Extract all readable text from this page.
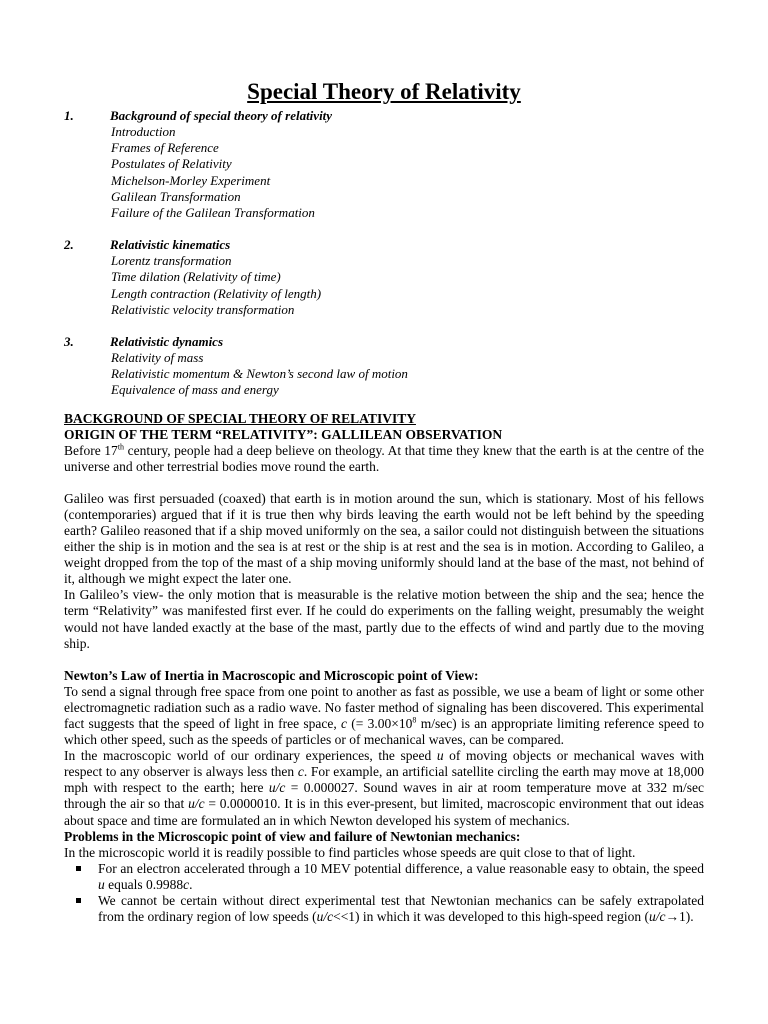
Special Theory of Relativity
1.	Background of special theory of relativity
Introduction
Frames of Reference
Postulates of Relativity
Michelson-Morley Experiment
Galilean Transformation
Failure of the Galilean Transformation
2.	Relativistic kinematics
Lorentz transformation
Time dilation (Relativity of time)
Length contraction (Relativity of length)
Relativistic velocity transformation
3.	Relativistic dynamics
Relativity of mass
Relativistic momentum & Newton’s second law of motion
Equivalence of mass and energy
BACKGROUND OF SPECIAL THEORY OF RELATIVITY
ORIGIN OF THE TERM “RELATIVITY”: GALLILEAN OBSERVATION

Before 17th century, people had a deep believe on theology. At that time they knew that the earth is at the centre of the universe and other terrestrial bodies move round the earth.

Galileo was first persuaded (coaxed) that earth is in motion around the sun, which is stationary. Most of his fellows (contemporaries) argued that if it is true then why birds leaving the earth would not be left behind by the speeding earth? Galileo reasoned that if a ship moved uniformly on the sea, a sailor could not distinguish between the situations either the ship is in motion and the sea is at rest or the ship is at rest and the sea is in motion. According to Galileo, a weight dropped from the top of the mast of a ship moving uniformly should land at the base of the mast, not behind of it, although we might expect the later one.

In Galileo’s view- the only motion that is measurable is the relative motion between the ship and the sea; hence the term “Relativity” was manifested first ever. If he could do experiments on the falling weight, presumably the weight would not have landed exactly at the base of the mast, partly due to the effects of wind and partly due to the moving ship.

Newton’s Law of Inertia in Macroscopic and Microscopic point of View:

To send a signal through free space from one point to another as fast as possible, we use a beam of light or some other electromagnetic radiation such as a radio wave. No faster method of signaling has been discovered. This experimental fact suggests that the speed of light in free space, c (= $3.00\times 10^8$ m/sec) is an appropriate limiting reference speed to which other speed, such as the speeds of particles or of mechanical waves, can be compared.

In the macroscopic world of our ordinary experiences, the speed u of moving objects or mechanical waves with respect to any observer is always less then c. For example, an artificial satellite circling the earth may move at 18,000 mph with respect to the earth; here u/c = 0.000027. Sound waves in air at room temperature move at 332 m/sec through the air so that u/c = 0.0000010. It is in this ever-present, but limited, macroscopic environment that out ideas about space and time are formulated an in which Newton developed his system of mechanics.

Problems in the Microscopic point of view and failure of Newtonian mechanics:

In the microscopic world it is readily possible to find particles whose speeds are quit close to that of light.

For an electron accelerated through a 10 MEV potential difference, a value reasonable easy to obtain, the speed u equals 0.9988c.
We cannot be certain without direct experimental test that Newtonian mechanics can be safely extrapolated from the ordinary region of low speeds (u/c<<1) in which it was developed to this high-speed region (u/c→1).
